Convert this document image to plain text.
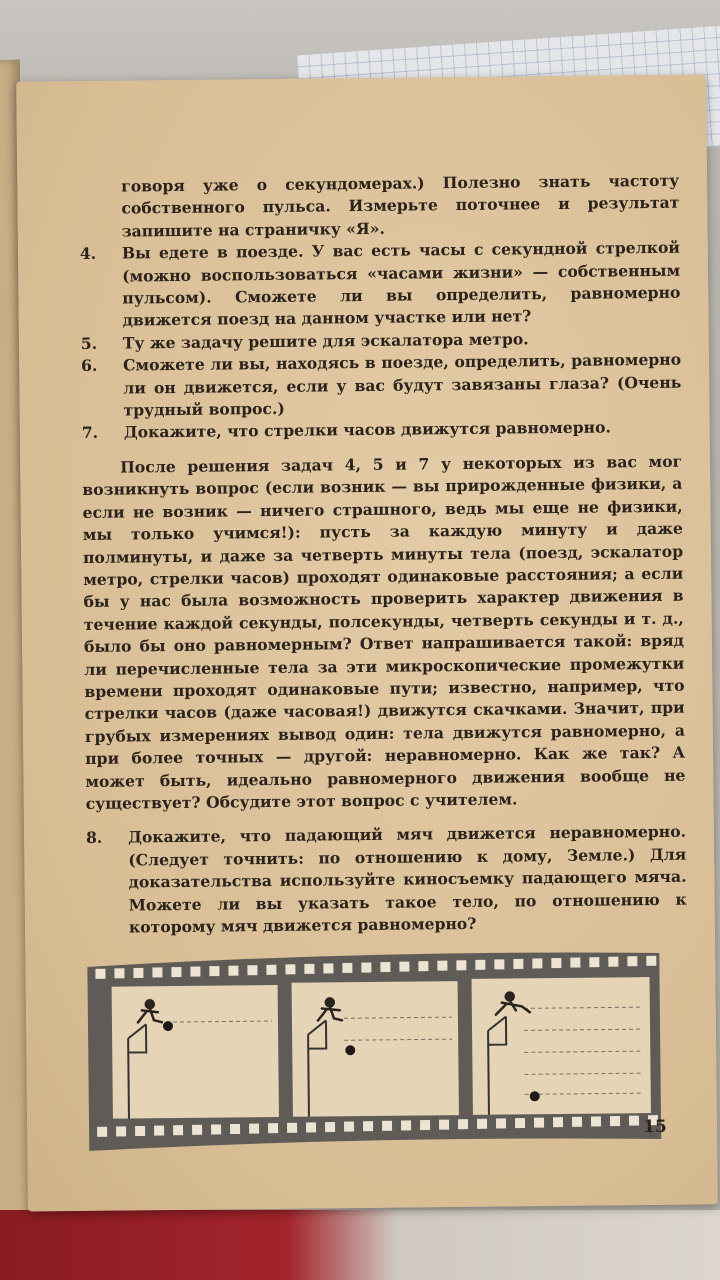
говоря уже о секундомерах.) Полезно знать частоту собственного пульса. Измерьте поточнее и результат запишите на страничку «Я».

4.	Вы едете в поезде. У вас есть часы с секундной стрелкой (можно воспользоваться «часами жизни» — собственным пульсом). Сможете ли вы определить, равномерно движется поезд на данном участке или нет?
5.	Ту же задачу решите для эскалатора метро.
6.	Сможете ли вы, находясь в поезде, определить, равномерно ли он движется, если у вас будут завязаны глаза? (Очень трудный вопрос.)
7.	Докажите, что стрелки часов движутся равномерно.

После решения задач 4, 5 и 7 у некоторых из вас мог возникнуть вопрос (если возник — вы прирожденные физики, а если не возник — ничего страшного, ведь мы еще не физики, мы только учимся!): пусть за каждую минуту и даже полминуты, и даже за четверть минуты тела (поезд, эскалатор метро, стрелки часов) проходят одинаковые расстояния; а если бы у нас была возможность проверить характер движения в течение каждой секунды, полсекунды, четверть секунды и т. д., было бы оно равномерным? Ответ напрашивается такой: вряд ли перечисленные тела за эти микроскопические промежутки времени проходят одинаковые пути; известно, например, что стрелки часов (даже часовая!) движутся скачками. Значит, при грубых измерениях вывод один: тела движутся равномерно, а при более точных — другой: неравномерно. Как же так? А может быть, идеально равномерного движения вообще не существует? Обсудите этот вопрос с учителем.

8.	Докажите, что падающий мяч движется неравномерно. (Следует точнить: по отношению к дому, Земле.) Для доказательства используйте киносъемку падающего мяча. Можете ли вы указать такое тело, по отношению к которому мяч движется равномерно?
15
